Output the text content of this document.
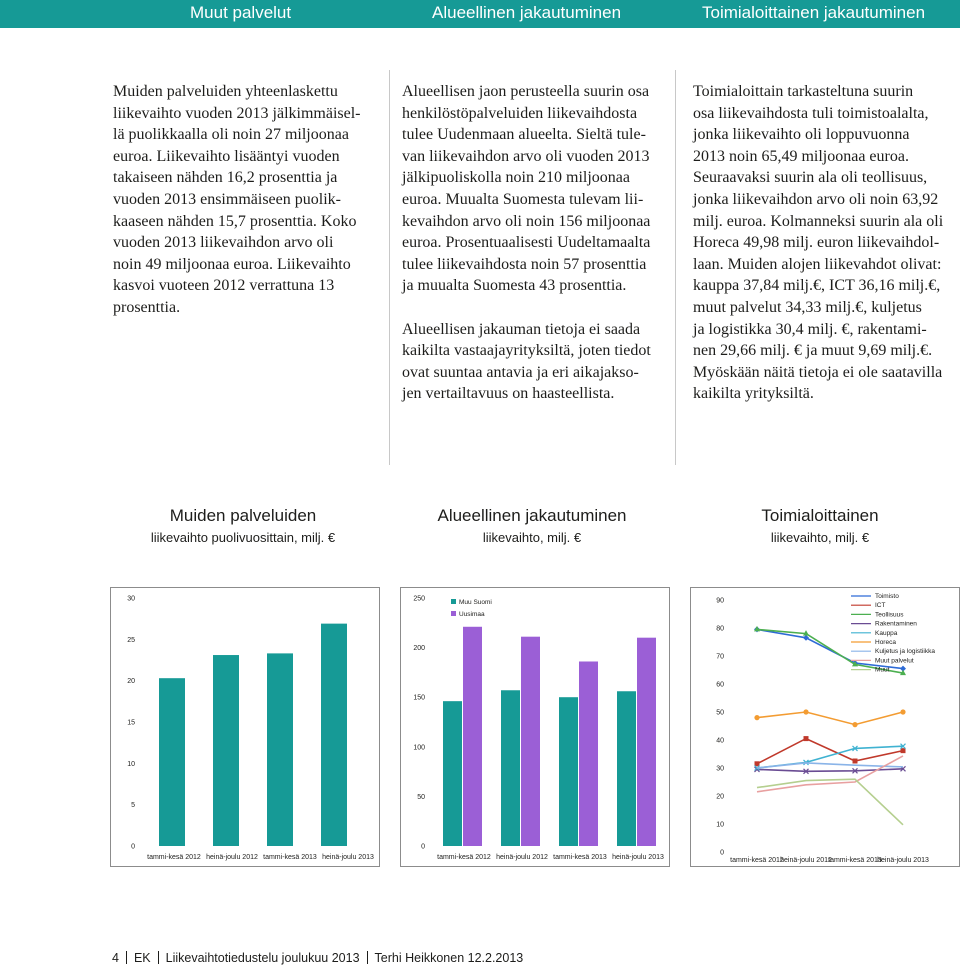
Muut palvelut	Alueellinen jakautuminen	Toimialoittainen jakautuminen

Muiden palveluiden yhteenlaskettu

liikevaihto vuoden 2013 jälkimmäisel-

lä puolikkaalla oli noin 27 miljoonaa

euroa. Liikevaihto lisääntyi vuoden

takaiseen nähden 16,2 prosenttia ja

vuoden 2013 ensimmäiseen puolik-

kaaseen nähden 15,7 prosenttia. Koko

vuoden 2013 liikevaihdon arvo oli

noin 49 miljoonaa euroa. Liikevaihto

kasvoi vuoteen 2012 verrattuna 13

prosenttia.

Alueellisen jaon perusteella suurin osa

henkilöstöpalveluiden liikevaihdosta

tulee Uudenmaan alueelta. Sieltä tule-

van liikevaihdon arvo oli vuoden 2013

jälkipuoliskolla noin 210 miljoonaa

euroa. Muualta Suomesta tulevam lii-

kevaihdon arvo oli noin 156 miljoonaa

euroa. Prosentuaalisesti Uudeltamaalta

tulee liikevaihdosta noin 57 prosenttia

ja muualta Suomesta 43 prosenttia.

Alueellisen jakauman tietoja ei saada

kaikilta vastaajayrityksiltä, joten tiedot

ovat suuntaa antavia ja eri aikajakso-

jen vertailtavuus on haasteellista.

Toimialoittain tarkasteltuna suurin

osa liikevaihdosta tuli toimistoalalta,

jonka liikevaihto oli loppuvuonna

2013 noin 65,49 miljoonaa euroa.

Seuraavaksi suurin ala oli teollisuus,

jonka liikevaihdon arvo oli noin 63,92

milj. euroa. Kolmanneksi suurin ala oli

Horeca 49,98 milj. euron liikevaihdol-

laan. Muiden alojen liikevahdot olivat:

kauppa 37,84 milj.€, ICT 36,16 milj.€,

muut palvelut 34,33 milj.€, kuljetus

ja logistikka 30,4 milj. €, rakentami-

nen 29,66 milj. € ja muut 9,69 milj.€.

Myöskään näitä tietoja ei ole saatavilla

kaikilta yrityksiltä.

Muiden palveluiden
liikevaihto puolivuosittain, milj. €
Alueellinen jakautuminen
liikevaihto, milj. €
Toimialoittainen
liikevaihto, milj. €
0
5
10
15
20
25
30
tammi-kesä 2012 heinä-joulu 2012 tammi-kesä 2013 heinä-joulu 2013
0
50
100
150
200
250
tammi-kesä 2012 heinä-joulu 2012 tammi-kesä 2013 heinä-joulu 2013
Muu Suomi
Uusimaa
0
10
20
30
40
50
60
70
80
90
tammi-kesä 2012
heinä-joulu 2012
tammi-kesä 2013
heinä-joulu 2013
Toimisto
ICT
Teollisuus
Rakentaminen
Kauppa
Horeca
Kuljetus ja logistiikka
Muut palvelut
Muut
4 EK Liikevaihtotiedustelu joulukuu 2013 Terhi Heikkonen 12.2.2013
